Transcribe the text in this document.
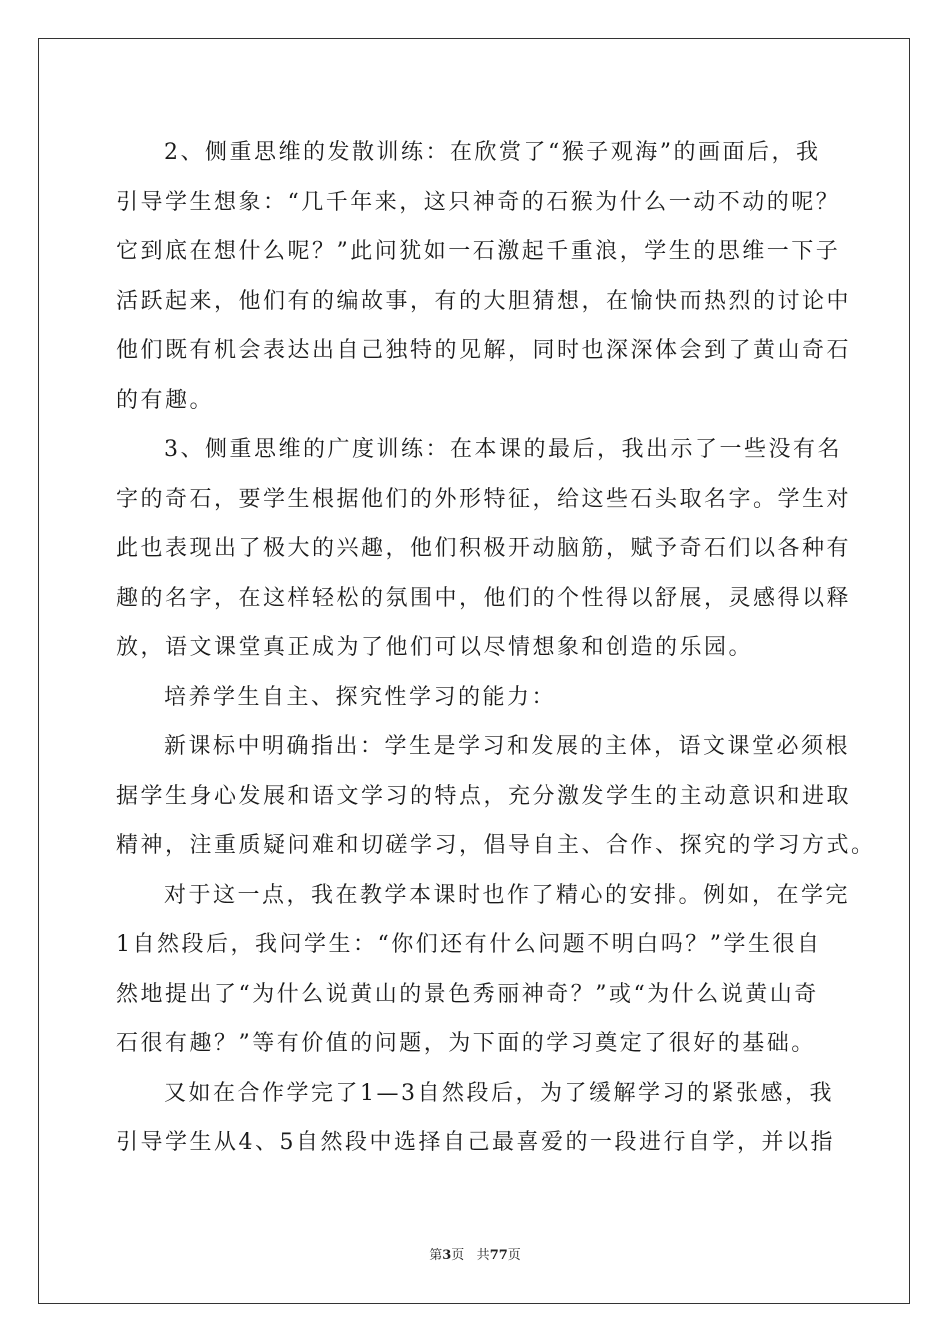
2、侧重思维的发散训练：在欣赏了“猴子观海”的画面后，我
引导学生想象：“几千年来，这只神奇的石猴为什么一动不动的呢？
它到底在想什么呢？”此问犹如一石激起千重浪，学生的思维一下子
活跃起来，他们有的编故事，有的大胆猜想，在愉快而热烈的讨论中
他们既有机会表达出自己独特的见解，同时也深深体会到了黄山奇石
的有趣。
3、侧重思维的广度训练：在本课的最后，我出示了一些没有名
字的奇石，要学生根据他们的外形特征，给这些石头取名字。学生对
此也表现出了极大的兴趣，他们积极开动脑筋，赋予奇石们以各种有
趣的名字，在这样轻松的氛围中，他们的个性得以舒展，灵感得以释
放，语文课堂真正成为了他们可以尽情想象和创造的乐园。
培养学生自主、探究性学习的能力：
新课标中明确指出：学生是学习和发展的主体，语文课堂必须根
据学生身心发展和语文学习的特点，充分激发学生的主动意识和进取
精神，注重质疑问难和切磋学习，倡导自主、合作、探究的学习方式。
对于这一点，我在教学本课时也作了精心的安排。例如，在学完
1自然段后，我问学生：“你们还有什么问题不明白吗？”学生很自
然地提出了“为什么说黄山的景色秀丽神奇？”或“为什么说黄山奇
石很有趣？”等有价值的问题，为下面的学习奠定了很好的基础。
又如在合作学完了1—3自然段后，为了缓解学习的紧张感，我
引导学生从4、5自然段中选择自己最喜爱的一段进行自学，并以指
第3页 共77页
